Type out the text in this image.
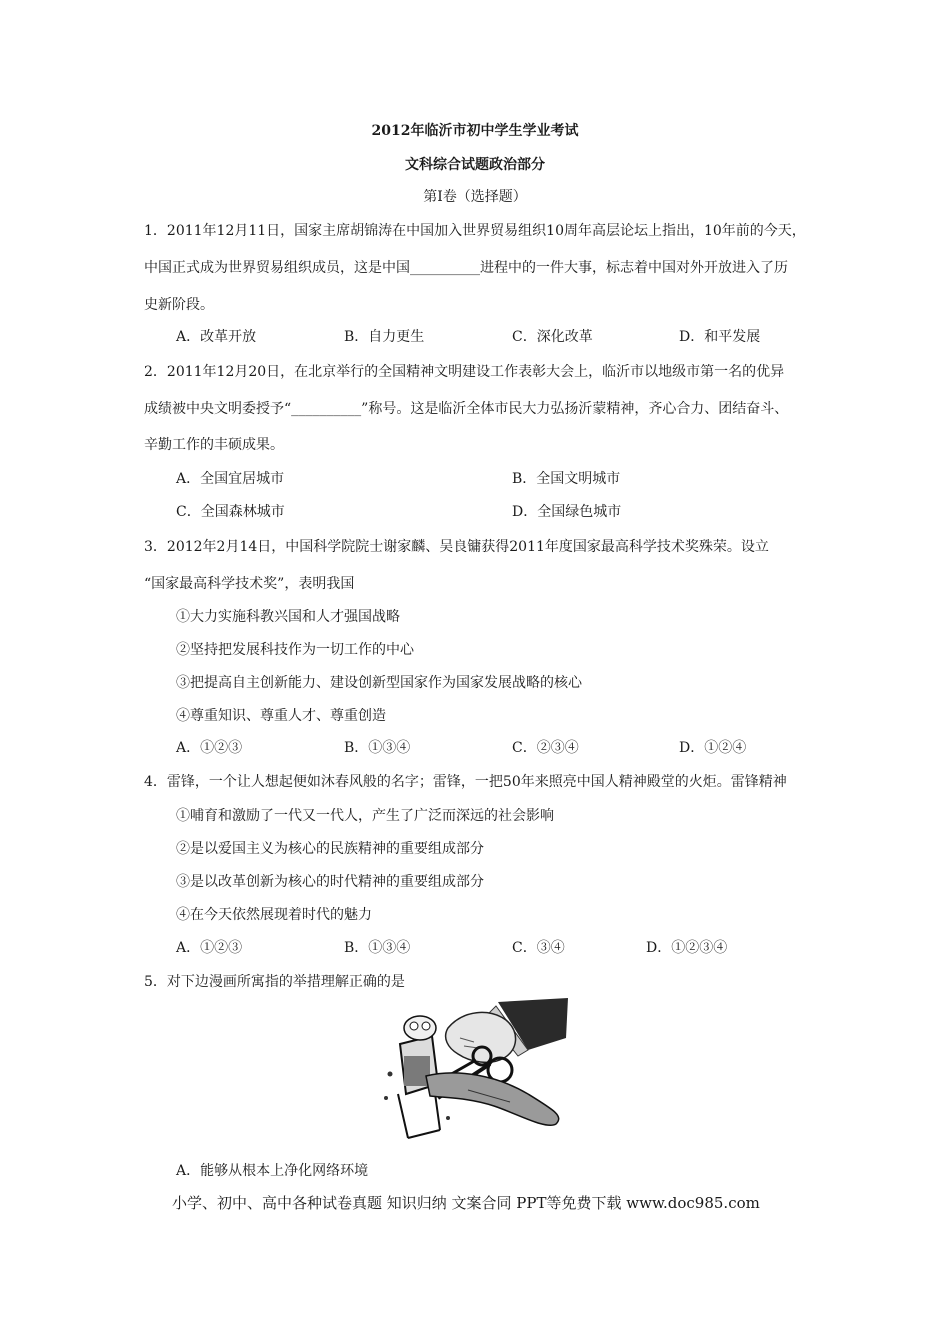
2012年临沂市初中学生学业考试
文科综合试题政治部分
第Ⅰ卷（选择题）
1．2011年12月11日，国家主席胡锦涛在中国加入世界贸易组织10周年高层论坛上指出，10年前的今天，
中国正式成为世界贸易组织成员，这是中国__________进程中的一件大事，标志着中国对外开放进入了历
史新阶段。
A．改革开放	B．自力更生	C．深化改革	D．和平发展
2．2011年12月20日，在北京举行的全国精神文明建设工作表彰大会上，临沂市以地级市第一名的优异
成绩被中央文明委授予“__________”称号。这是临沂全体市民大力弘扬沂蒙精神，齐心合力、团结奋斗、
辛勤工作的丰硕成果。
A．全国宜居城市	B．全国文明城市
C．全国森林城市	D．全国绿色城市
3．2012年2月14日，中国科学院院士谢家麟、吴良镛获得2011年度国家最高科学技术奖殊荣。设立
“国家最高科学技术奖”，表明我国
①大力实施科教兴国和人才强国战略
②坚持把发展科技作为一切工作的中心
③把提高自主创新能力、建设创新型国家作为国家发展战略的核心
④尊重知识、尊重人才、尊重创造
A．①②③	B．①③④	C．②③④	D．①②④
4．雷锋，一个让人想起便如沐春风般的名字；雷锋，一把50年来照亮中国人精神殿堂的火炬。雷锋精神
①哺育和激励了一代又一代人，产生了广泛而深远的社会影响
②是以爱国主义为核心的民族精神的重要组成部分
③是以改革创新为核心的时代精神的重要组成部分
④在今天依然展现着时代的魅力
A．①②③	B．①③④	C．③④	D．①②③④
5．对下边漫画所寓指的举措理解正确的是
A．能够从根本上净化网络环境
小学、初中、高中各种试卷真题 知识归纳 文案合同 PPT等免费下载 www.doc985.com
